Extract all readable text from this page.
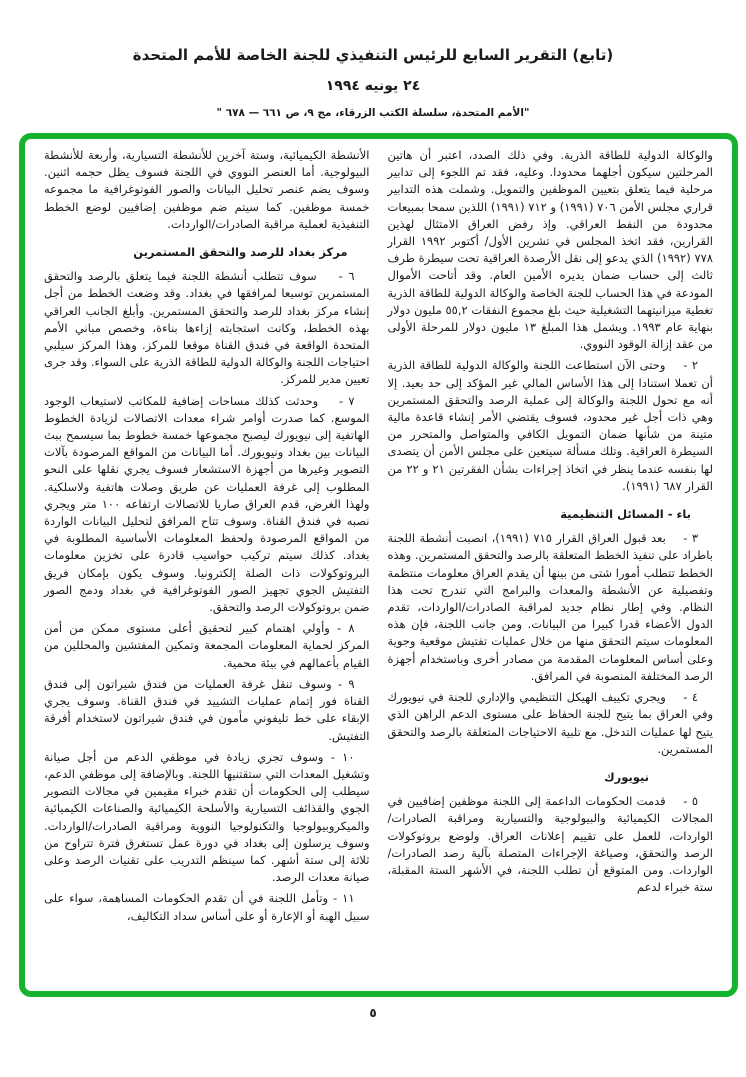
(تابع) التقرير السابع للرئيس التنفيذي للجنة الخاصة للأمم المتحدة
٢٤ يونيه ١٩٩٤
"الأمم المتحدة، سلسلة الكتب الزرقاء، مج ٩، ص ٦٦١ — ٦٧٨ "

والوكالة الدولية للطاقة الذرية. وفي ذلك الصدد، اعتبر أن هاتين المرحلتين سيكون أجلهما محدودا. وعليه، فقد تم اللجوء إلى تدابير مرحلية فيما يتعلق بتعيين الموظفين والتمويل. وشملت هذه التدابير قراري مجلس الأمن ٧٠٦ (١٩٩١) و ٧١٢ (١٩٩١) اللذين سمحا بمبيعات محدودة من النفط العراقي. وإذ رفض العراق الامتثال لهذين القرارين، فقد اتخذ المجلس في تشرين الأول/ أكتوبر ١٩٩٢ القرار ٧٧٨ (١٩٩٢) الذي يدعو إلى نقل الأرصدة العراقية تحت سيطرة طرف ثالث إلى حساب ضمان يديره الأمين العام. وقد أتاحت الأموال المودعة في هذا الحساب للجنة الخاصة والوكالة الدولية للطاقة الذرية تغطية ميزانيتهما التشغيلية حيث بلغ مجموع النفقات ٥٥,٢ مليون دولار بنهاية عام ١٩٩٣. ويشمل هذا المبلغ ١٣ مليون دولار للمرحلة الأولى من عقد إزالة الوقود النووي.

٢ -    وحتى الآن استطاعت اللجنة والوكالة الدولية للطاقة الذرية أن تعملا استنادا إلى هذا الأساس المالي غير المؤكد إلى حد بعيد. إلا أنه مع تحول اللجنة والوكالة إلى عملية الرصد والتحقق المستمرين وهي ذات أجل غير محدود، فسوف يقتضي الأمر إنشاء قاعدة مالية متينة من شأنها ضمان التمويل الكافي والمتواصل والمتحرر من السيطرة العراقية. وتلك مسألة سيتعين على مجلس الأمن أن يتصدى لها بنفسه عندما ينظر في اتخاذ إجراءات بشأن الفقرتين ٢١ و ٢٢ من القرار ٦٨٧ (١٩٩١).

باء - المسائل التنظيمية

٣ -    بعد قبول العراق القرار ٧١٥ (١٩٩١)، انصبت أنشطة اللجنة باطراد على تنفيذ الخطط المتعلقة بالرصد والتحقق المستمرين. وهذه الخطط تتطلب أمورا شتى من بينها أن يقدم العراق معلومات منتظمة وتفصيلية عن الأنشطة والمعدات والبرامج التي تندرج تحت هذا النظام. وفي إطار نظام جديد لمراقبة الصادرات/الواردات، تقدم الدول الأعضاء قدرا كبيرا من البيانات. ومن جانب اللجنة، فإن هذه المعلومات سيتم التحقق منها من خلال عمليات تفتيش موقعية وجوية وعلى أساس المعلومات المقدمة من مصادر أخرى وباستخدام أجهزة الرصد المختلفة المنصوبة في المرافق.

٤ -    ويجري تكييف الهيكل التنظيمي والإداري للجنة في نيويورك وفي العراق بما يتيح للجنة الحفاظ على مستوى الدعم الراهن الذي يتيح لها عمليات التدخل. مع تلبية الاحتياجات المتعلقة بالرصد والتحقق المستمرين.

نيويورك

٥ -    قدمت الحكومات الداعمة إلى اللجنة موظفين إضافيين في المجالات الكيميائية والبيولوجية والتسيارية ومراقبة الصادرات/الواردات، للعمل على تقييم إعلانات العراق. ولوضع بروتوكولات الرصد والتحقق، وصياغة الإجراءات المتصلة بآلية رصد الصادرات/الواردات. ومن المتوقع أن تطلب اللجنة، في الأشهر الستة المقبلة، ستة خبراء لدعم

الأنشطة الكيميائية، وستة آخرين للأنشطة التسيارية، وأربعة للأنشطة البيولوجية. أما العنصر النووي في اللجنة فسوف يظل حجمه اثنين. وسوف يضم عنصر تحليل البيانات والصور الفوتوغرافية ما مجموعه خمسة موظفين. كما سيتم ضم موظفين إضافيين لوضع الخطط التنفيذية لعملية مراقبة الصادرات/الواردات.

مركز بغداد للرصد والتحقق المستمرين

٦ -    سوف تتطلب أنشطة اللجنة فيما يتعلق بالرصد والتحقق المستمرين توسيعا لمرافقها في بغداد. وقد وضعت الخطط من أجل إنشاء مركز بغداد للرصد والتحقق المستمرين. وأبلغ الجانب العراقي بهذه الخطط، وكانت استجابته إزاءها بناءة، وخصص مباني الأمم المتحدة الواقعة في فندق القناة موقعا للمركز. وهذا المركز سيلبي احتياجات اللجنة والوكالة الدولية للطاقة الذرية على السواء. وقد جرى تعيين مدير للمركز.

٧ -    وحدثت كذلك مساحات إضافية للمكاتب لاستيعاب الوجود الموسع. كما صدرت أوامر شراء معدات الاتصالات لزيادة الخطوط الهاتفية إلى نيويورك ليصبح مجموعها خمسة خطوط بما سيسمح ببث البيانات بين بغداد ونيويورك. أما البيانات من المواقع المرصودة بآلات التصوير وغيرها من أجهزة الاستشعار فسوف يجري نقلها على النحو المطلوب إلى غرفة العمليات عن طريق وصلات هاتفية ولاسلكية. ولهذا الغرض، قدم العراق صاريا للاتصالات ارتفاعه ١٠٠ متر ويجري نصبه في فندق القناة. وسوف تتاح المرافق لتحليل البيانات الواردة من المواقع المرصودة ولحفظ المعلومات الأساسية المطلوبة في بغداد. كذلك سيتم تركيب حواسيب قادرة على تخزين معلومات البروتوكولات ذات الصلة إلكترونيا. وسوف يكون بإمكان فريق التفتيش الجوي تجهيز الصور الفوتوغرافية في بغداد ودمج الصور ضمن بروتوكولات الرصد والتحقق.

٨ - وأولي اهتمام كبير لتحقيق أعلى مستوى ممكن من أمن المركز لحماية المعلومات المجمعة وتمكين المفتشين والمحللين من القيام بأعمالهم في بيئة محمية.

٩ - وسوف تنقل غرفة العمليات من فندق شيراتون إلى فندق القناة فور إتمام عمليات التشييد في فندق القناة. وسوف يجري الإبقاء على خط تليفوني مأمون في فندق شيراتون لاستخدام أفرقة التفتيش.

١٠ - وسوف تجري زيادة في موظفي الدعم من أجل صيانة وتشغيل المعدات التي ستقتنيها اللجنة. وبالإضافة إلى موظفي الدعم، سيطلب إلى الحكومات أن تقدم خبراء مقيمين في مجالات التصوير الجوي والقذائف التسيارية والأسلحة الكيميائية والصناعات الكيميائية والميكروبيولوجيا والتكنولوجيا النووية ومراقبة الصادرات/الواردات. وسوف يرسلون إلى بغداد في دورة عمل تستغرق فترة تتراوح من ثلاثة إلى ستة أشهر. كما سينظم التدريب على تقنيات الرصد وعلى صيانة معدات الرصد.

١١ - وتأمل اللجنة في أن تقدم الحكومات المساهمة، سواء على سبيل الهبة أو الإعارة أو على أساس سداد التكاليف،

٥
